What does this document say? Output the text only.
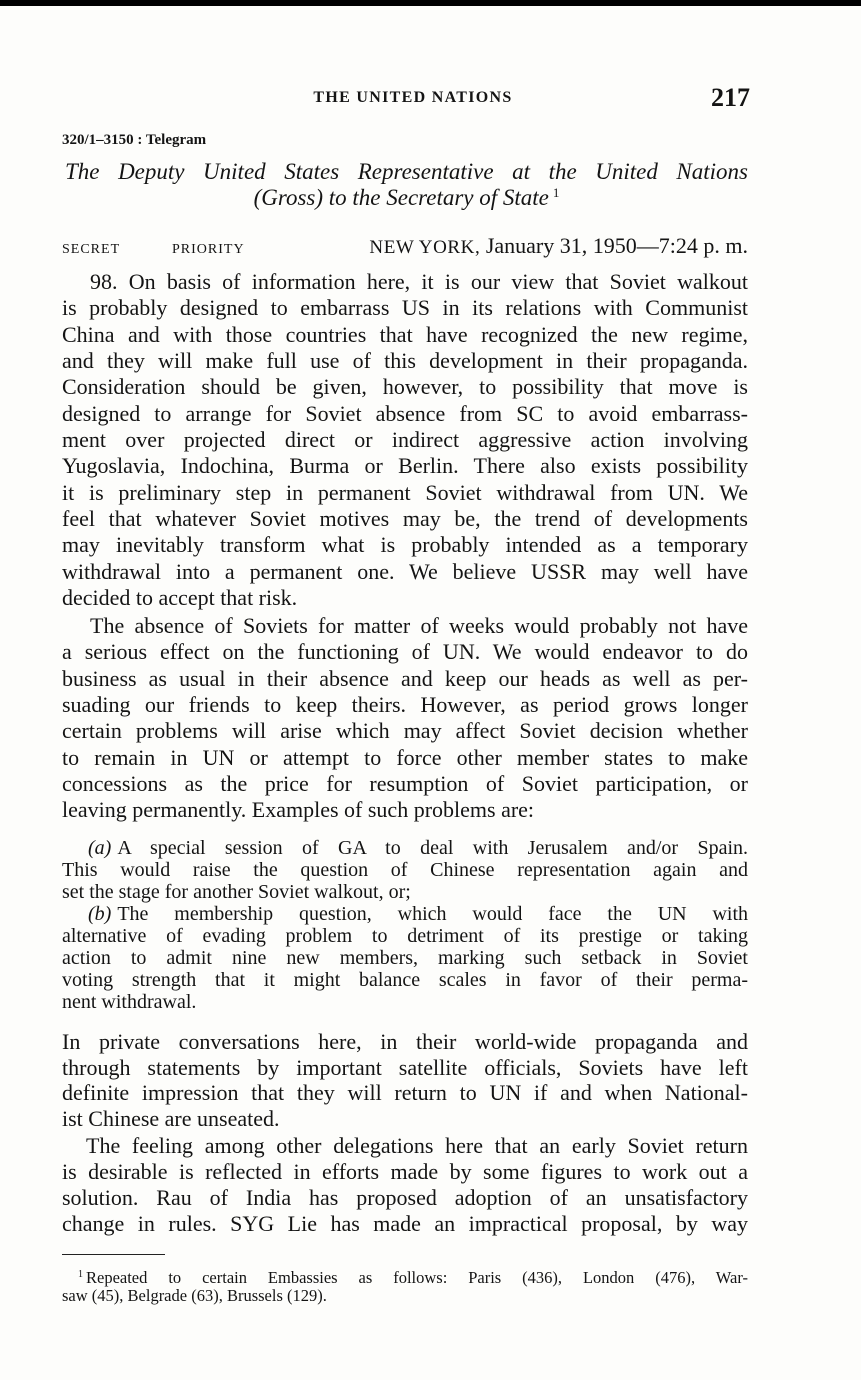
THE UNITED NATIONS	217
320/1–3150 : Telegram
The Deputy United States Representative at the United Nations
(Gross) to the Secretary of State $^1$
SECRET	PRIORITY	NEW YORK, January 31, 1950—7:24 p. m.
98. On basis of information here, it is our view that Soviet walkout
is probably designed to embarrass US in its relations with Communist
China and with those countries that have recognized the new regime,
and they will make full use of this development in their propaganda.
Consideration should be given, however, to possibility that move is
designed to arrange for Soviet absence from SC to avoid embarrass-
ment over projected direct or indirect aggressive action involving
Yugoslavia, Indochina, Burma or Berlin. There also exists possibility
it is preliminary step in permanent Soviet withdrawal from UN. We
feel that whatever Soviet motives may be, the trend of developments
may inevitably transform what is probably intended as a temporary
withdrawal into a permanent one. We believe USSR may well have
decided to accept that risk.
The absence of Soviets for matter of weeks would probably not have
a serious effect on the functioning of UN. We would endeavor to do
business as usual in their absence and keep our heads as well as per-
suading our friends to keep theirs. However, as period grows longer
certain problems will arise which may affect Soviet decision whether
to remain in UN or attempt to force other member states to make
concessions as the price for resumption of Soviet participation, or
leaving permanently. Examples of such problems are:
(a) A special session of GA to deal with Jerusalem and/or Spain.
This would raise the question of Chinese representation again and
set the stage for another Soviet walkout, or;
(b) The membership question, which would face the UN with
alternative of evading problem to detriment of its prestige or taking
action to admit nine new members, marking such setback in Soviet
voting strength that it might balance scales in favor of their perma-
nent withdrawal.
In private conversations here, in their world-wide propaganda and
through statements by important satellite officials, Soviets have left
definite impression that they will return to UN if and when National-
ist Chinese are unseated.
The feeling among other delegations here that an early Soviet return
is desirable is reflected in efforts made by some figures to work out a
solution. Rau of India has proposed adoption of an unsatisfactory
change in rules. SYG Lie has made an impractical proposal, by way
$^1$ Repeated to certain Embassies as follows: Paris (436), London (476), War-
saw (45), Belgrade (63), Brussels (129).
